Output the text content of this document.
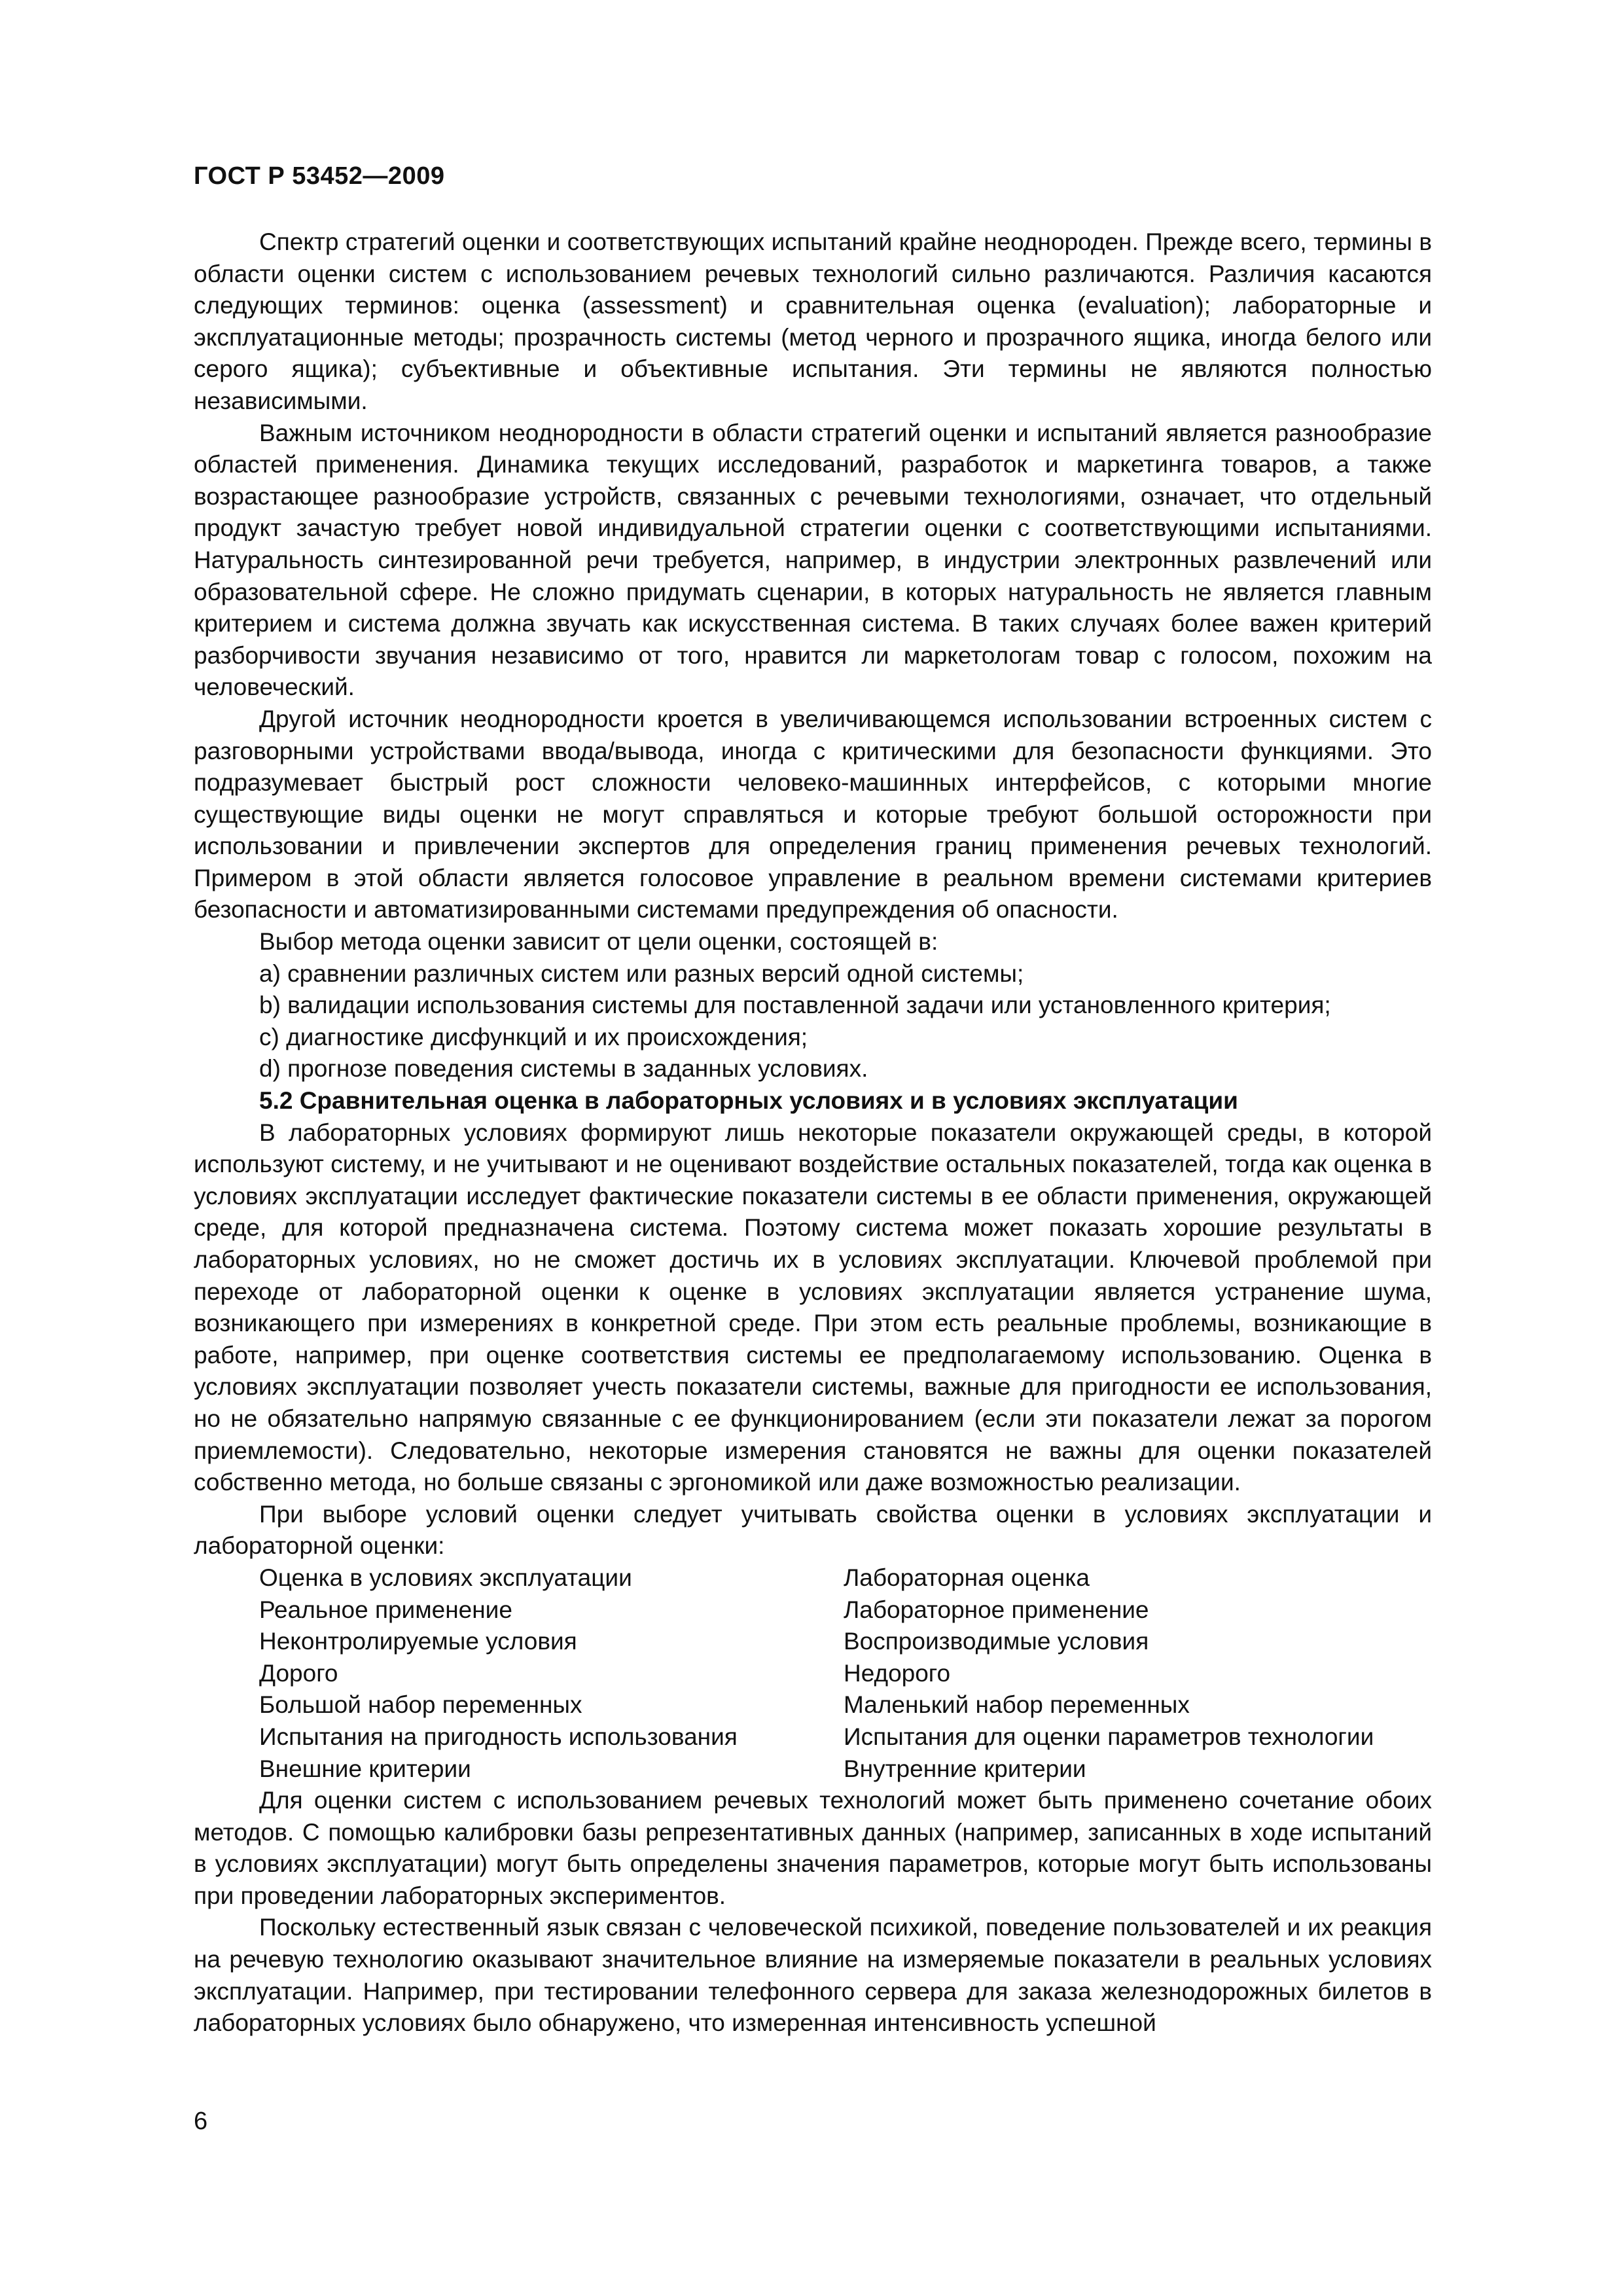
ГОСТ Р 53452—2009

Спектр стратегий оценки и соответствующих испытаний крайне неоднороден. Прежде всего, термины в области оценки систем с использованием речевых технологий сильно различаются. Различия касаются следующих терминов: оценка (assessment) и сравнительная оценка (evaluation); лабораторные и эксплуатационные методы; прозрачность системы (метод черного и прозрачного ящика, иногда белого или серого ящика); субъективные и объективные испытания. Эти термины не являются полностью независимыми.

Важным источником неоднородности в области стратегий оценки и испытаний является разнообразие областей применения. Динамика текущих исследований, разработок и маркетинга товаров, а также возрастающее разнообразие устройств, связанных с речевыми технологиями, означает, что отдельный продукт зачастую требует новой индивидуальной стратегии оценки с соответствующими испытаниями. Натуральность синтезированной речи требуется, например, в индустрии электронных развлечений или образовательной сфере. Не сложно придумать сценарии, в которых натуральность не является главным критерием и система должна звучать как искусственная система. В таких случаях более важен критерий разборчивости звучания независимо от того, нравится ли маркетологам товар с голосом, похожим на человеческий.

Другой источник неоднородности кроется в увеличивающемся использовании встроенных систем с разговорными устройствами ввода/вывода, иногда с критическими для безопасности функциями. Это подразумевает быстрый рост сложности человеко-машинных интерфейсов, с которыми многие существующие виды оценки не могут справляться и которые требуют большой осторожности при использовании и привлечении экспертов для определения границ применения речевых технологий. Примером в этой области является голосовое управление в реальном времени системами критериев безопасности и автоматизированными системами предупреждения об опасности.

Выбор метода оценки зависит от цели оценки, состоящей в:

a) сравнении различных систем или разных версий одной системы;
b) валидации использования системы для поставленной задачи или установленного критерия;
c) диагностике дисфункций и их происхождения;
d) прогнозе поведения системы в заданных условиях.
5.2 Сравнительная оценка в лабораторных условиях и в условиях эксплуатации

В лабораторных условиях формируют лишь некоторые показатели окружающей среды, в которой используют систему, и не учитывают и не оценивают воздействие остальных показателей, тогда как оценка в условиях эксплуатации исследует фактические показатели системы в ее области применения, окружающей среде, для которой предназначена система. Поэтому система может показать хорошие результаты в лабораторных условиях, но не сможет достичь их в условиях эксплуатации. Ключевой проблемой при переходе от лабораторной оценки к оценке в условиях эксплуатации является устранение шума, возникающего при измерениях в конкретной среде. При этом есть реальные проблемы, возникающие в работе, например, при оценке соответствия системы ее предполагаемому использованию. Оценка в условиях эксплуатации позволяет учесть показатели системы, важные для пригодности ее использования, но не обязательно напрямую связанные с ее функционированием (если эти показатели лежат за порогом приемлемости). Следовательно, некоторые измерения становятся не важны для оценки показателей собственно метода, но больше связаны с эргономикой или даже возможностью реализации.

При выборе условий оценки следует учитывать свойства оценки в условиях эксплуатации и лабораторной оценки:

Оценка в условиях эксплуатации	Лабораторная оценка
Реальное применение	Лабораторное применение
Неконтролируемые условия	Воспроизводимые условия
Дорого	Недорого
Большой набор переменных	Маленький набор переменных
Испытания на пригодность использования	Испытания для оценки параметров технологии
Внешние критерии	Внутренние критерии

Для оценки систем с использованием речевых технологий может быть применено сочетание обоих методов. С помощью калибровки базы репрезентативных данных (например, записанных в ходе испытаний в условиях эксплуатации) могут быть определены значения параметров, которые могут быть использованы при проведении лабораторных экспериментов.

Поскольку естественный язык связан с человеческой психикой, поведение пользователей и их реакция на речевую технологию оказывают значительное влияние на измеряемые показатели в реальных условиях эксплуатации. Например, при тестировании телефонного сервера для заказа железнодорожных билетов в лабораторных условиях было обнаружено, что измеренная интенсивность успешной

6
